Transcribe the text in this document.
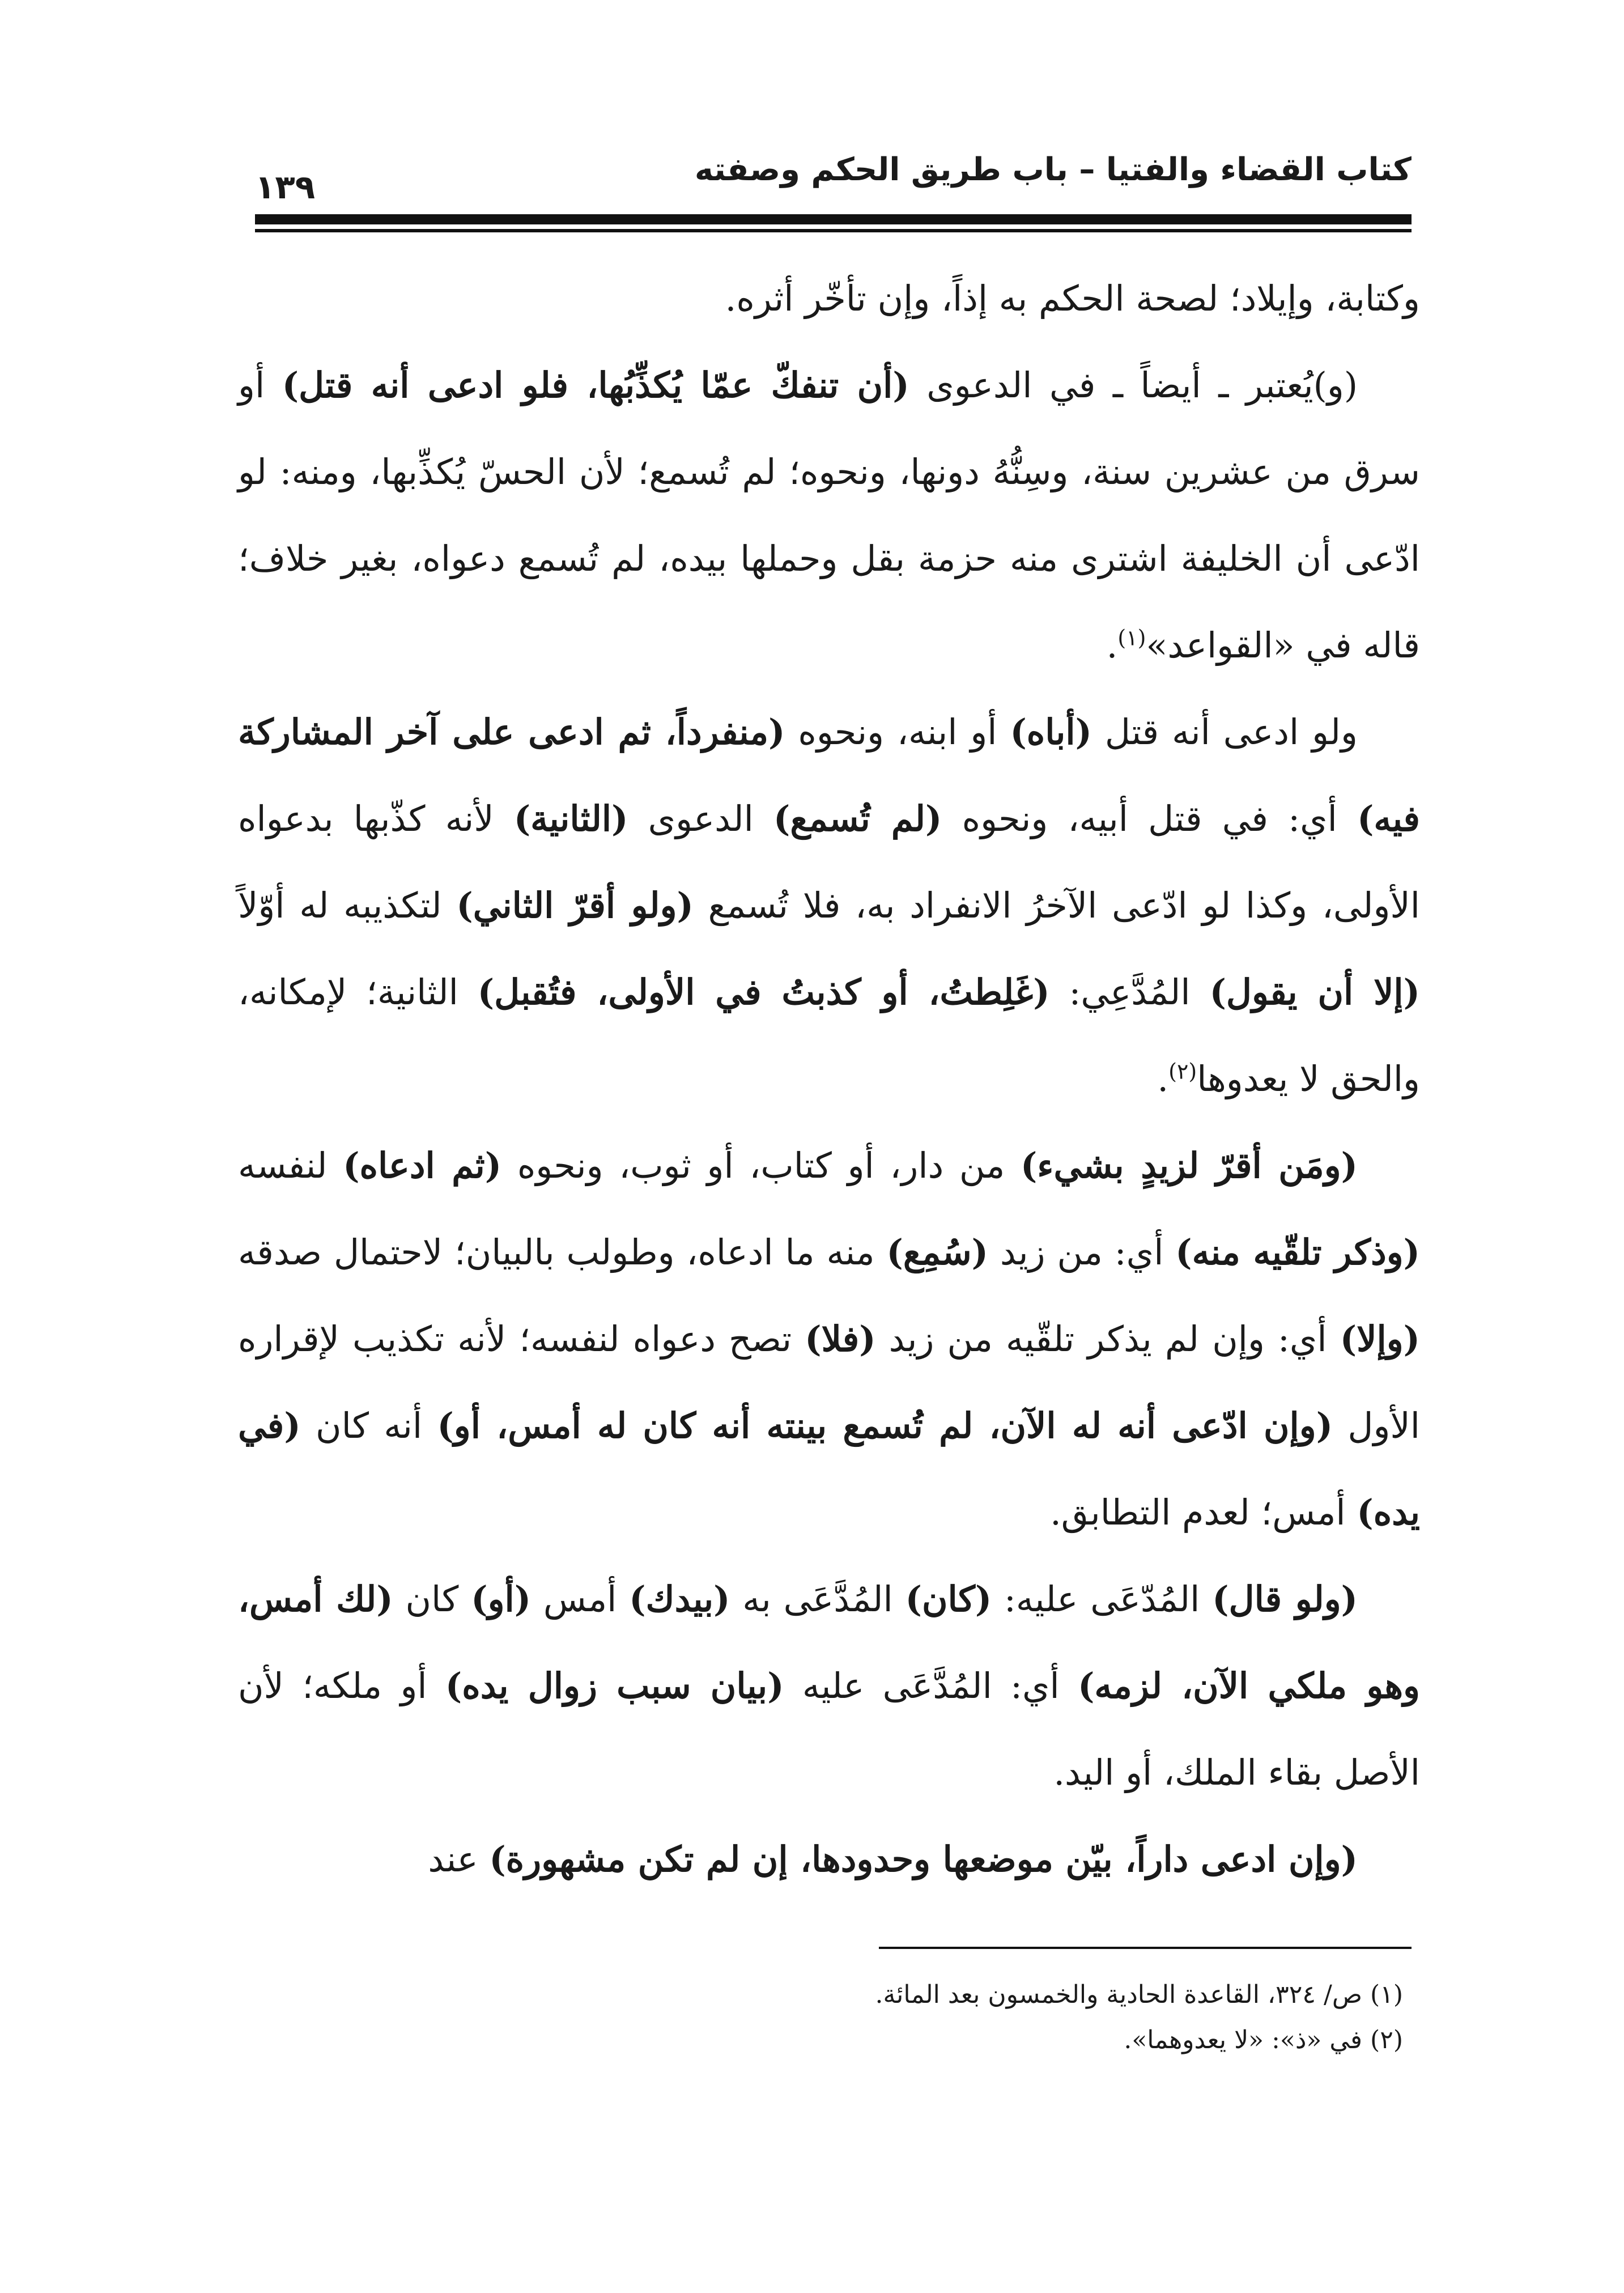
كتاب القضاء والفتيا – باب طريق الحكم وصفته
١٣٩

وكتابة، وإيلاد؛ لصحة الحكم به إذاً، وإن تأخّر أثره.

(و)يُعتبر ـ أيضاً ـ في الدعوى (أن تنفكّ عمّا يُكذِّبُها، فلو ادعى أنه قتل) أو سرق من عشرين سنة، وسِنُّهُ دونها، ونحوه؛ لم تُسمع؛ لأن الحسّ يُكذِّبها، ومنه: لو ادّعى أن الخليفة اشترى منه حزمة بقل وحملها بيده، لم تُسمع دعواه، بغير خلاف؛ قاله في «القواعد»$^{(١)}$.

ولو ادعى أنه قتل (أباه) أو ابنه، ونحوه (منفرداً، ثم ادعى على آخر المشاركة فيه) أي: في قتل أبيه، ونحوه (لم تُسمع) الدعوى (الثانية) لأنه كذّبها بدعواه الأولى، وكذا لو ادّعى الآخرُ الانفراد به، فلا تُسمع (ولو أقرّ الثاني) لتكذيبه له أوّلاً (إلا أن يقول) المُدَّعِي: (غَلِطتُ، أو كذبتُ في الأولى، فتُقبل) الثانية؛ لإمكانه، والحق لا يعدوها$^{(٢)}$.

(ومَن أقرّ لزيدٍ بشيء) من دار، أو كتاب، أو ثوب، ونحوه (ثم ادعاه) لنفسه (وذكر تلقّيه منه) أي: من زيد (سُمِع) منه ما ادعاه، وطولب بالبيان؛ لاحتمال صدقه (وإلا) أي: وإن لم يذكر تلقّيه من زيد (فلا) تصح دعواه لنفسه؛ لأنه تكذيب لإقراره الأول (وإن ادّعى أنه له الآن، لم تُسمع بينته أنه كان له أمس، أو) أنه كان (في يده) أمس؛ لعدم التطابق.

(ولو قال) المُدّعَى عليه: (كان) المُدَّعَى به (بيدك) أمس (أو) كان (لك أمس، وهو ملكي الآن، لزمه) أي: المُدَّعَى عليه (بيان سبب زوال يده) أو ملكه؛ لأن الأصل بقاء الملك، أو اليد.

(وإن ادعى داراً، بيّن موضعها وحدودها، إن لم تكن مشهورة) عند

(١) ص/ ٣٢٤، القاعدة الحادية والخمسون بعد المائة.

(٢) في «ذ»: «لا يعدوهما».
